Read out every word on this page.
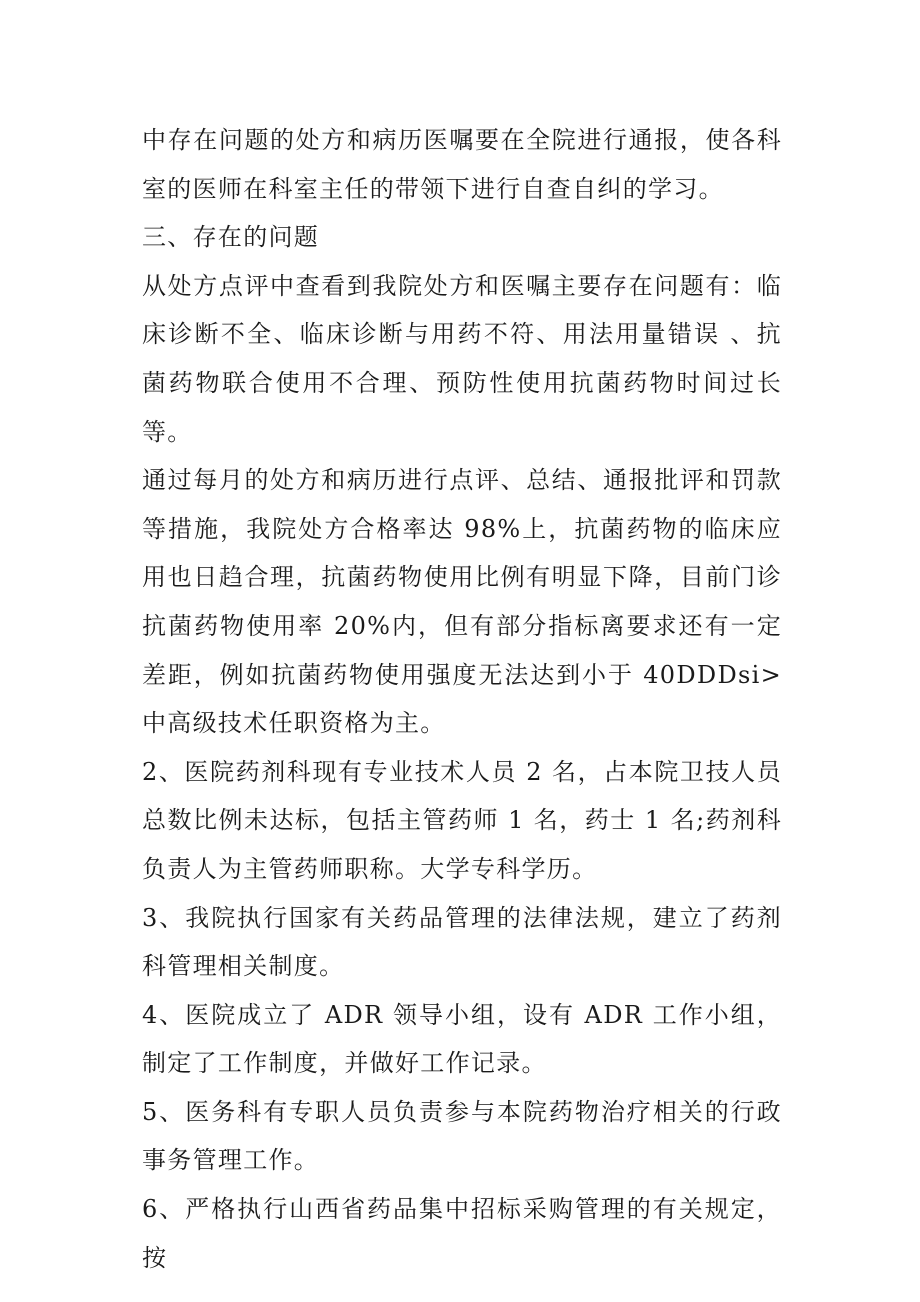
中存在问题的处方和病历医嘱要在全院进行通报，使各科室的医师在科室主任的带领下进行自查自纠的学习。

三、存在的问题

从处方点评中查看到我院处方和医嘱主要存在问题有：临床诊断不全、临床诊断与用药不符、用法用量错误 、抗菌药物联合使用不合理、预防性使用抗菌药物时间过长等。

通过每月的处方和病历进行点评、总结、通报批评和罚款等措施，我院处方合格率达 98%上，抗菌药物的临床应用也日趋合理，抗菌药物使用比例有明显下降，目前门诊抗菌药物使用率 20%内，但有部分指标离要求还有一定差距，例如抗菌药物使用强度无法达到小于 40DDDsi>中高级技术任职资格为主。

2、医院药剂科现有专业技术人员 2 名，占本院卫技人员总数比例未达标，包括主管药师 1 名，药士 1 名;药剂科负责人为主管药师职称。大学专科学历。

3、我院执行国家有关药品管理的法律法规，建立了药剂科管理相关制度。

4、医院成立了 ADR 领导小组，设有 ADR 工作小组，制定了工作制度，并做好工作记录。

5、医务科有专职人员负责参与本院药物治疗相关的行政事务管理工作。

6、严格执行山西省药品集中招标采购管理的有关规定，按
